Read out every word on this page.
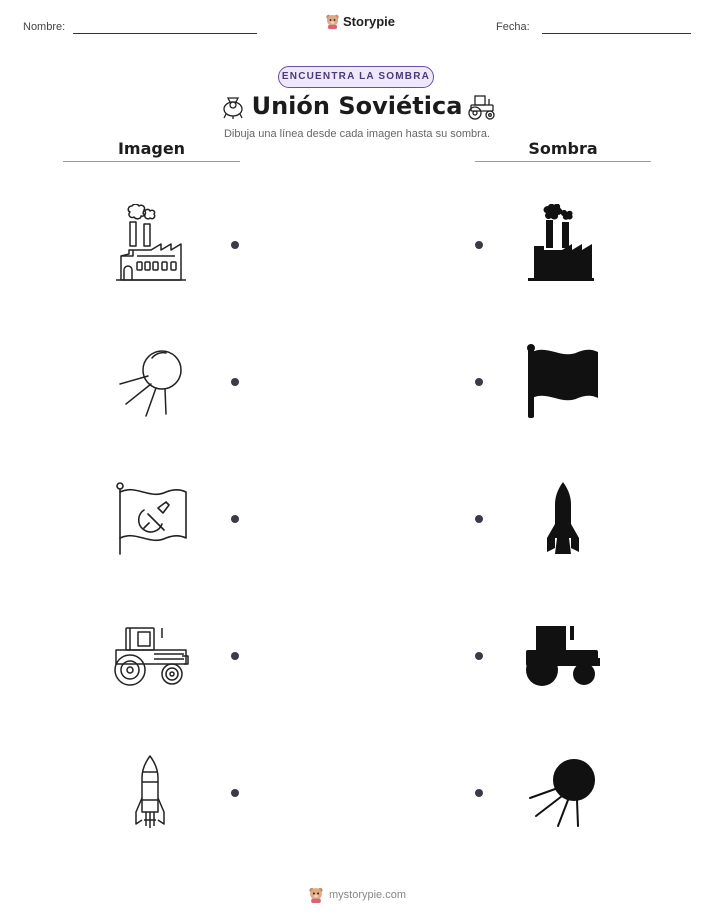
Nombre:	Storypie	Fecha:
ENCUENTRA LA SOMBRA
Unión Soviética
Dibuja una línea desde cada imagen hasta su sombra.
Imagen	Sombra
mystorypie.com
